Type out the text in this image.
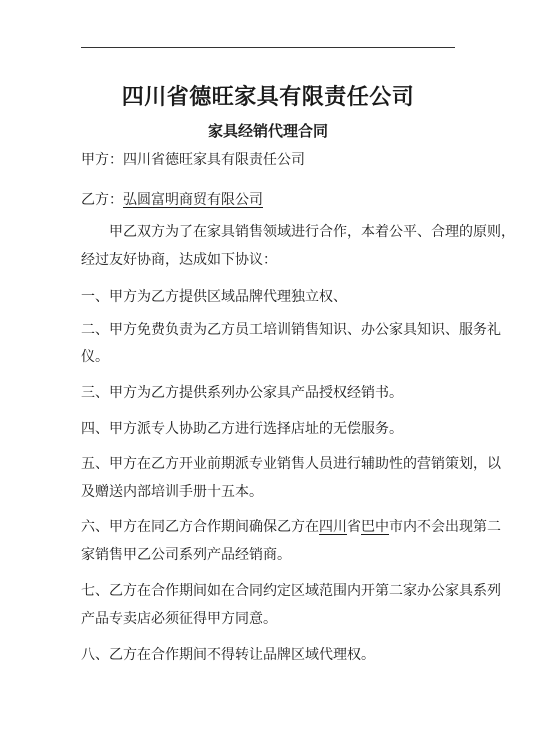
四川省德旺家具有限责任公司
家具经销代理合同
甲方：四川省德旺家具有限责任公司
乙方：弘圆富明商贸有限公司
甲乙双方为了在家具销售领域进行合作，本着公平、合理的原则，
经过友好协商，达成如下协议：
一、甲方为乙方提供区域品牌代理独立权、
二、甲方免费负责为乙方员工培训销售知识、办公家具知识、服务礼
仪。
三、甲方为乙方提供系列办公家具产品授权经销书。
四、甲方派专人协助乙方进行选择店址的无偿服务。
五、甲方在乙方开业前期派专业销售人员进行辅助性的营销策划，以
及赠送内部培训手册十五本。
六、甲方在同乙方合作期间确保乙方在四川省巴中市内不会出现第二
家销售甲乙公司系列产品经销商。
七、乙方在合作期间如在合同约定区域范围内开第二家办公家具系列
产品专卖店必须征得甲方同意。
八、乙方在合作期间不得转让品牌区域代理权。
